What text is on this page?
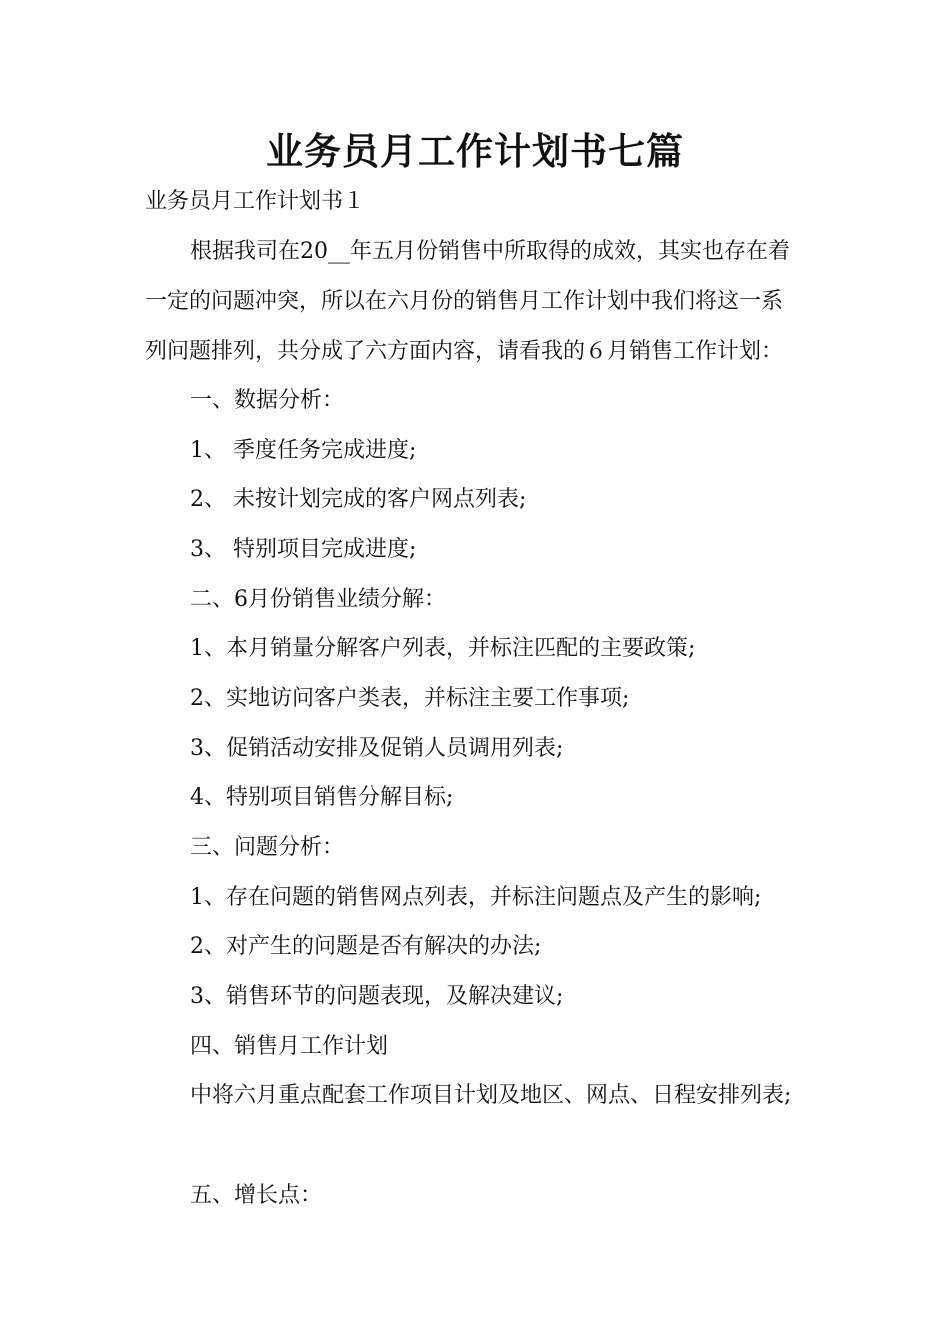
业务员月工作计划书七篇
业务员月工作计划书１
根据我司在20__年五月份销售中所取得的成效，其实也存在着
一定的问题冲突，所以在六月份的销售月工作计划中我们将这一系
列问题排列，共分成了六方面内容，请看我的６月销售工作计划：
一、数据分析：
1、 季度任务完成进度;
2、 未按计划完成的客户网点列表;
3、 特别项目完成进度;
二、6月份销售业绩分解：
1、本月销量分解客户列表，并标注匹配的主要政策;
2、实地访问客户类表，并标注主要工作事项;
3、促销活动安排及促销人员调用列表;
4、特别项目销售分解目标;
三、问题分析：
1、存在问题的销售网点列表，并标注问题点及产生的影响;
2、对产生的问题是否有解决的办法;
3、销售环节的问题表现，及解决建议;
四、销售月工作计划
中将六月重点配套工作项目计划及地区、网点、日程安排列表;
五、增长点：
